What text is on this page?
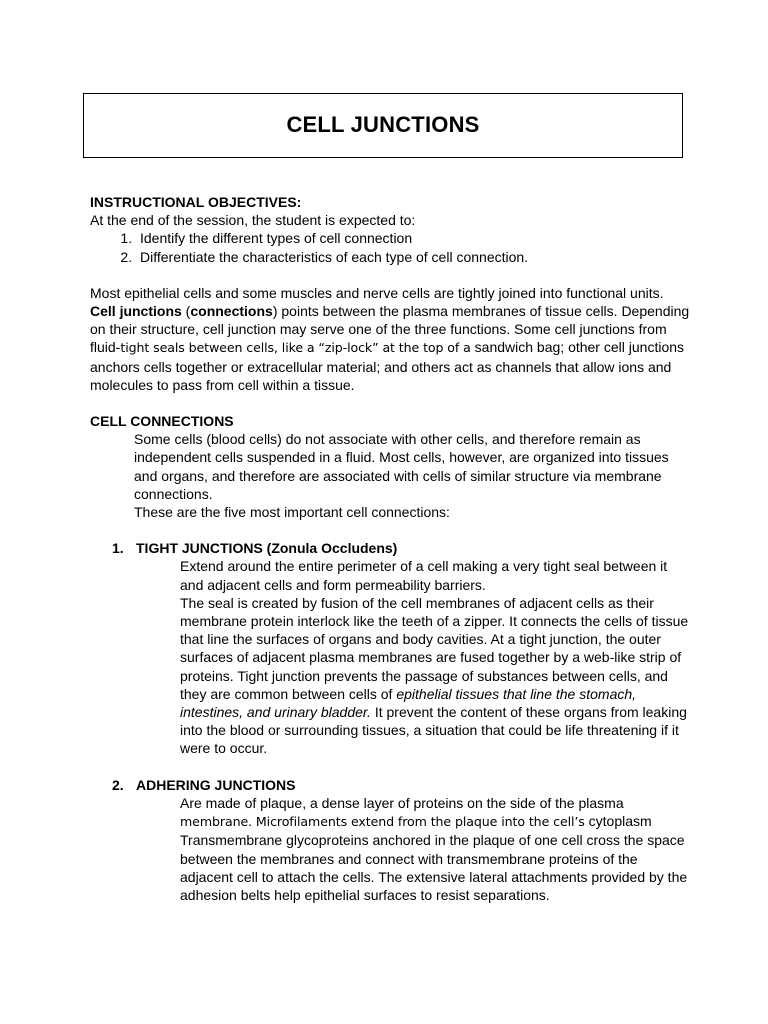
CELL JUNCTIONS

INSTRUCTIONAL OBJECTIVES:

At the end of the session, the student is expected to:

1. Identify the different types of cell connection
2. Differentiate the characteristics of each type of cell connection.

Most epithelial cells and some muscles and nerve cells are tightly joined into functional units. Cell junctions (connections) points between the plasma membranes of tissue cells. Depending on their structure, cell junction may serve one of the three functions. Some cell junctions from fluid-tight seals between cells, like a “zip-lock” at the top of a sandwich bag; other cell junctions anchors cells together or extracellular material; and others act as channels that allow ions and molecules to pass from cell within a tissue.

CELL CONNECTIONS

Some cells (blood cells) do not associate with other cells, and therefore remain as independent cells suspended in a fluid. Most cells, however, are organized into tissues and organs, and therefore are associated with cells of similar structure via membrane connections.

These are the five most important cell connections:

1. TIGHT JUNCTIONS (Zonula Occludens)

Extend around the entire perimeter of a cell making a very tight seal between it and adjacent cells and form permeability barriers.

The seal is created by fusion of the cell membranes of adjacent cells as their membrane protein interlock like the teeth of a zipper. It connects the cells of tissue that line the surfaces of organs and body cavities. At a tight junction, the outer surfaces of adjacent plasma membranes are fused together by a web-like strip of proteins. Tight junction prevents the passage of substances between cells, and they are common between cells of epithelial tissues that line the stomach, intestines, and urinary bladder. It prevent the content of these organs from leaking into the blood or surrounding tissues, a situation that could be life threatening if it were to occur.

2. ADHERING JUNCTIONS

Are made of plaque, a dense layer of proteins on the side of the plasma membrane. Microfilaments extend from the plaque into the cell’s cytoplasm Transmembrane glycoproteins anchored in the plaque of one cell cross the space between the membranes and connect with transmembrane proteins of the adjacent cell to attach the cells. The extensive lateral attachments provided by the adhesion belts help epithelial surfaces to resist separations.
